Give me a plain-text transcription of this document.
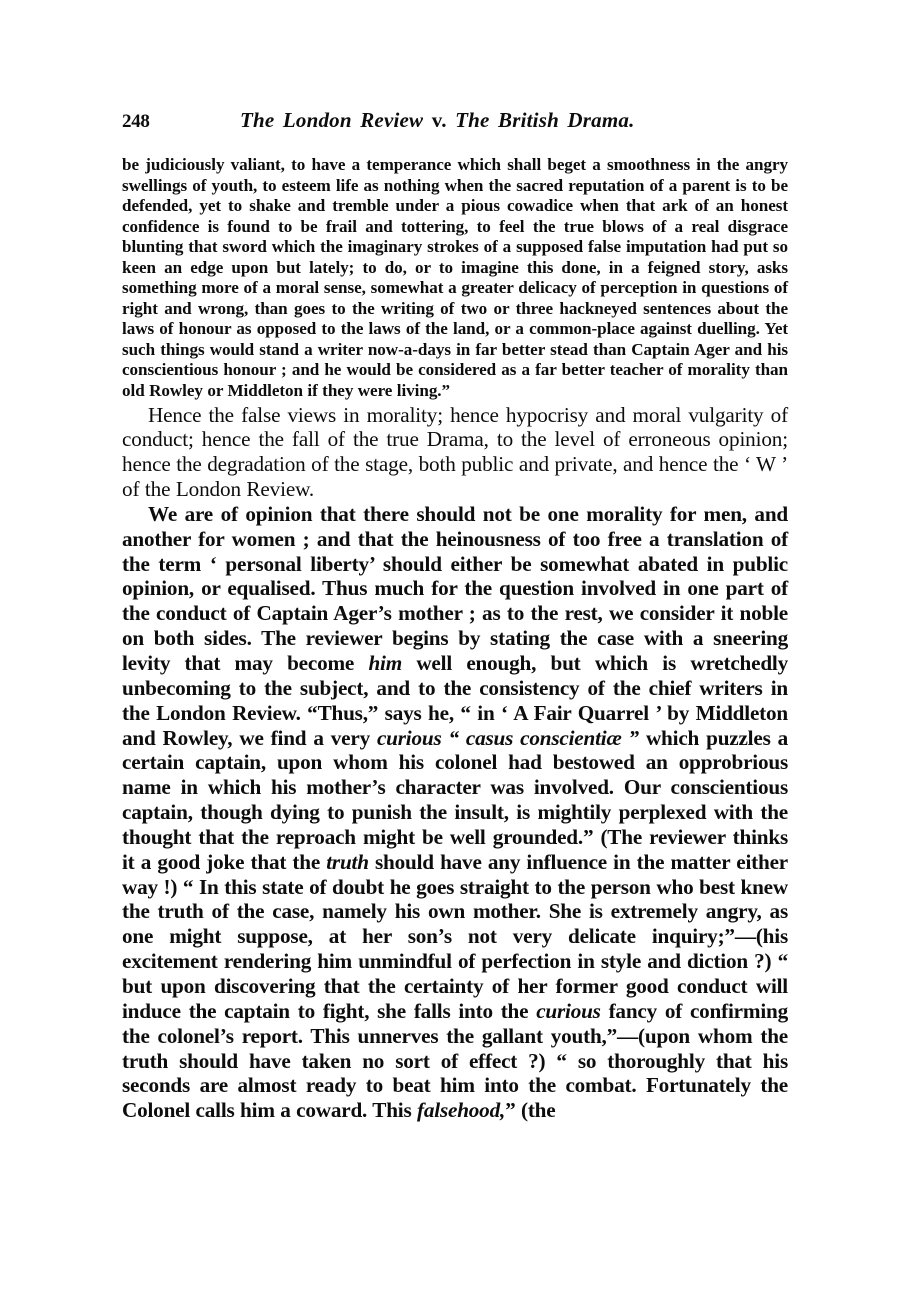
248	The London Review v. The British Drama.

be judiciously valiant, to have a temperance which shall beget a smoothness in the angry swellings of youth, to esteem life as nothing when the sacred reputation of a parent is to be defended, yet to shake and tremble under a pious cowadice when that ark of an honest confidence is found to be frail and tottering, to feel the true blows of a real disgrace blunting that sword which the imaginary strokes of a supposed false imputation had put so keen an edge upon but lately; to do, or to imagine this done, in a feigned story, asks something more of a moral sense, somewhat a greater delicacy of perception in questions of right and wrong, than goes to the writing of two or three hackneyed sentences about the laws of honour as opposed to the laws of the land, or a common-place against duelling. Yet such things would stand a writer now-a-days in far better stead than Captain Ager and his conscientious honour ; and he would be considered as a far better teacher of morality than old Rowley or Middleton if they were living.”

Hence the false views in morality; hence hypocrisy and moral vulgarity of conduct; hence the fall of the true Drama, to the level of erroneous opinion; hence the degradation of the stage, both public and private, and hence the ‘ W ’ of the London Review.

We are of opinion that there should not be one morality for men, and another for women ; and that the heinousness of too free a translation of the term ‘ personal liberty’ should either be somewhat abated in public opinion, or equalised. Thus much for the question involved in one part of the conduct of Captain Ager’s mother ; as to the rest, we consider it noble on both sides. The reviewer begins by stating the case with a sneering levity that may become him well enough, but which is wretchedly unbecoming to the subject, and to the consistency of the chief writers in the London Review. “Thus,” says he, “ in ‘ A Fair Quarrel ’ by Middleton and Rowley, we find a very curious “ casus conscientiæ ” which puzzles a certain captain, upon whom his colonel had bestowed an opprobrious name in which his mother’s character was involved. Our conscientious captain, though dying to punish the insult, is mightily perplexed with the thought that the reproach might be well grounded.” (The reviewer thinks it a good joke that the truth should have any influence in the matter either way !) “ In this state of doubt he goes straight to the person who best knew the truth of the case, namely his own mother. She is extremely angry, as one might suppose, at her son’s not very delicate inquiry;”—(his excitement rendering him unmindful of perfection in style and diction ?) “ but upon discovering that the certainty of her former good conduct will induce the captain to fight, she falls into the curious fancy of confirming the colonel’s report. This unnerves the gallant youth,”—(upon whom the truth should have taken no sort of effect ?) “ so thoroughly that his seconds are almost ready to beat him into the combat. Fortunately the Colonel calls him a coward. This falsehood,” (the
